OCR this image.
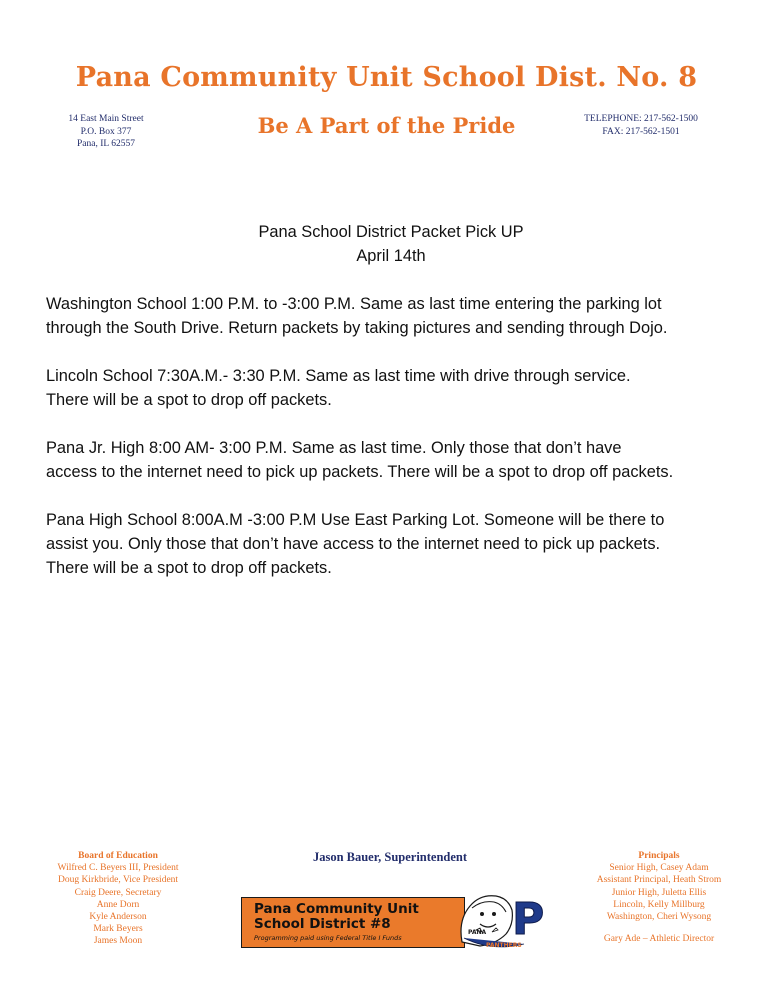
Pana Community Unit School Dist. No. 8
14 East Main Street
P.O. Box 377
Pana, IL 62557
Be A Part of the Pride	TELEPHONE: 217-562-1500
FAX: 217-562-1501
Pana School District Packet Pick UP
April 14th
Washington School 1:00 P.M. to -3:00 P.M. Same as last time entering the parking lot
through the South Drive. Return packets by taking pictures and sending through Dojo.
Lincoln School 7:30A.M.- 3:30 P.M. Same as last time with drive through service.
There will be a spot to drop off packets.
Pana Jr. High 8:00 AM- 3:00 P.M. Same as last time. Only those that don’t have
access to the internet need to pick up packets. There will be a spot to drop off packets.
Pana High School 8:00A.M -3:00 P.M Use East Parking Lot. Someone will be there to
assist you. Only those that don’t have access to the internet need to pick up packets.
There will be a spot to drop off packets.
Board of Education
Wilfred C. Beyers III, President
Doug Kirkbride, Vice President
Craig Deere, Secretary
Anne Dorn
Kyle Anderson
Mark Beyers
James Moon
Jason Bauer, Superintendent
Pana Community Unit
School District #8
Programming paid using Federal Title I Funds	P
PANA
PANTHERS
Principals
Senior High, Casey Adam
Assistant Principal, Heath Strom
Junior High, Juletta Ellis
Lincoln, Kelly Millburg
Washington, Cheri Wysong
Gary Ade – Athletic Director
